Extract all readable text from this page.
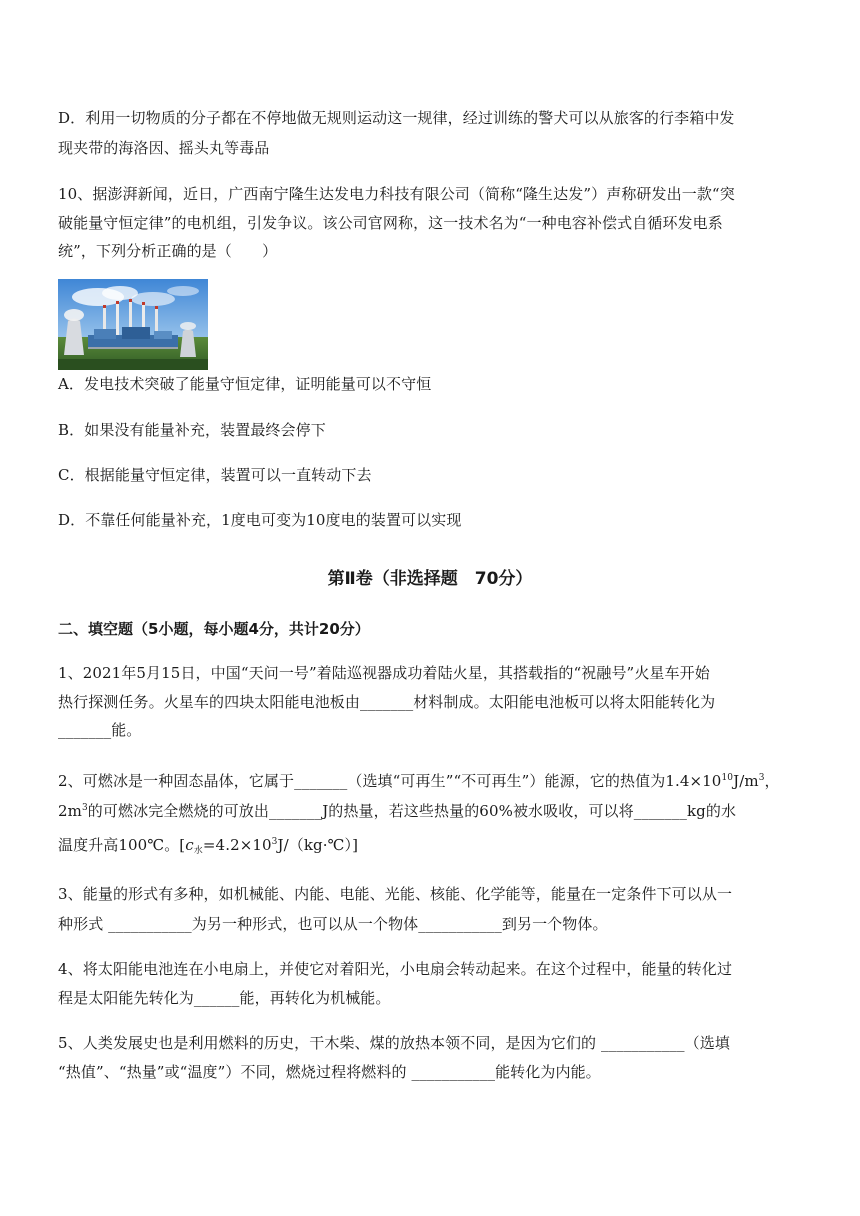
D．利用一切物质的分子都在不停地做无规则运动这一规律，经过训练的警犬可以从旅客的行李箱中发
现夹带的海洛因、摇头丸等毒品
10、据澎湃新闻，近日，广西南宁隆生达发电力科技有限公司（简称“隆生达发”）声称研发出一款“突
破能量守恒定律”的电机组，引发争议。该公司官网称，这一技术名为“一种电容补偿式自循环发电系
统”，下列分析正确的是（　　）
A．发电技术突破了能量守恒定律，证明能量可以不守恒
B．如果没有能量补充，装置最终会停下
C．根据能量守恒定律，装置可以一直转动下去
D．不靠任何能量补充，1度电可变为10度电的装置可以实现
第Ⅱ卷（非选择题　70分）
二、填空题（5小题，每小题4分，共计20分）
1、2021年5月15日，中国“天问一号”着陆巡视器成功着陆火星，其搭载指的“祝融号”火星车开始
热行探测任务。火星车的四块太阳能电池板由_______材料制成。太阳能电池板可以将太阳能转化为
_______能。
2、可燃冰是一种固态晶体，它属于_______（选填“可再生”“不可再生”）能源，它的热值为$1.4\times 10^{10}J/m^3$，
$2m^3$的可燃冰完全燃烧的可放出_______J的热量，若这些热量的60%被水吸收，可以将_______kg的水
温度升高100℃。$[c_水=4.2\times 10^3J/(kg\cdot℃)]$
3、能量的形式有多种，如机械能、内能、电能、光能、核能、化学能等，能量在一定条件下可以从一
种形式 ___________为另一种形式，也可以从一个物体___________到另一个物体。
4、将太阳能电池连在小电扇上，并使它对着阳光，小电扇会转动起来。在这个过程中，能量的转化过
程是太阳能先转化为______能，再转化为机械能。
5、人类发展史也是利用燃料的历史，干木柴、煤的放热本领不同，是因为它们的 ___________（选填
“热值”、“热量”或“温度”）不同，燃烧过程将燃料的 ___________能转化为内能。
